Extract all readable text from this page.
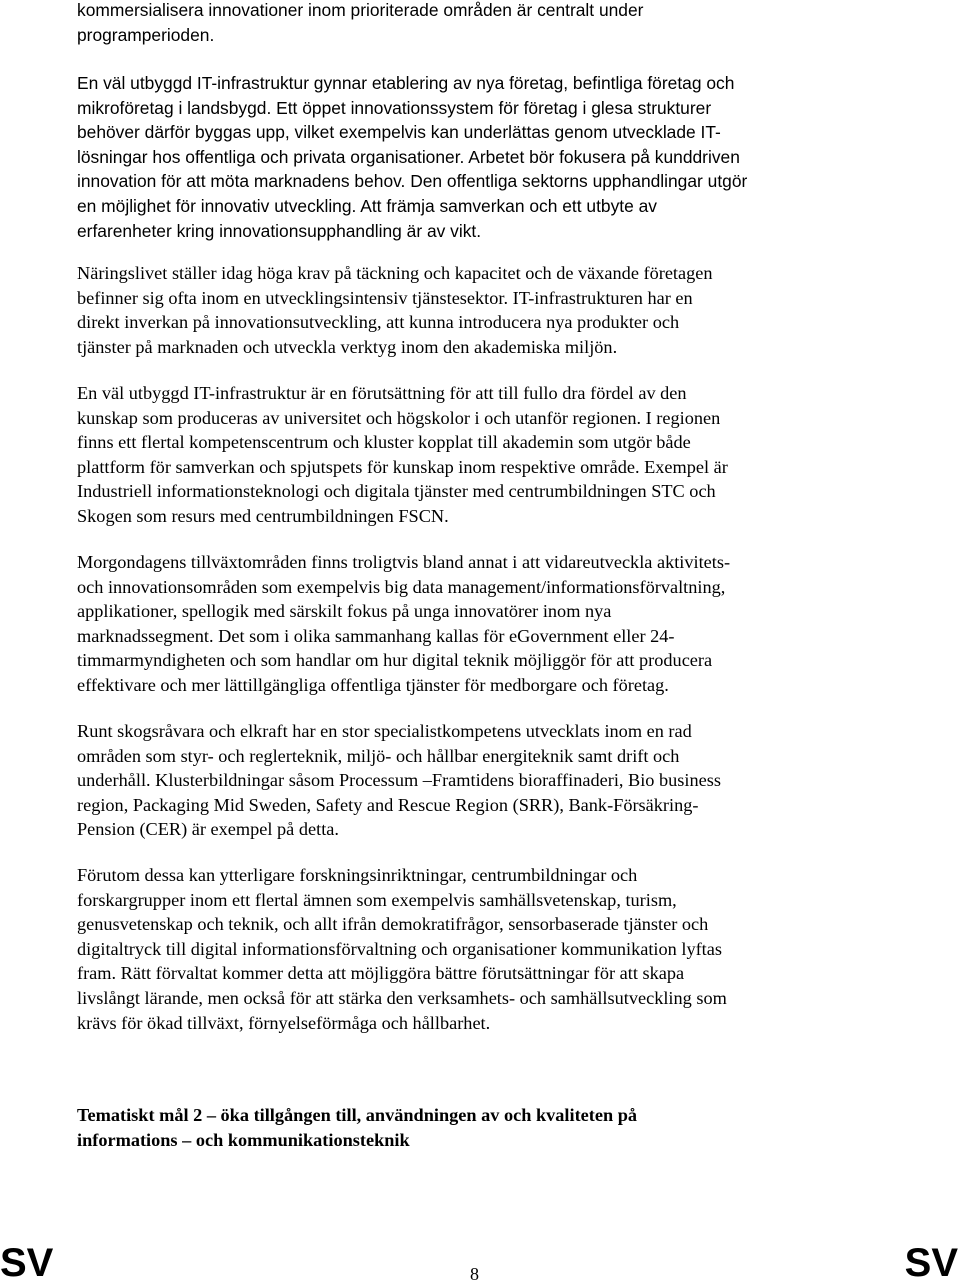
kommersialisera innovationer inom prioriterade områden är centralt under
programperioden.

En väl utbyggd IT-infrastruktur gynnar etablering av nya företag, befintliga företag och
mikroföretag i landsbygd. Ett öppet innovationssystem för företag i glesa strukturer
behöver därför byggas upp, vilket exempelvis kan underlättas genom utvecklade IT-
lösningar hos offentliga och privata organisationer. Arbetet bör fokusera på kunddriven
innovation för att möta marknadens behov. Den offentliga sektorns upphandlingar utgör
en möjlighet för innovativ utveckling. Att främja samverkan och ett utbyte av
erfarenheter kring innovationsupphandling är av vikt.

Näringslivet ställer idag höga krav på täckning och kapacitet och de växande företagen
befinner sig ofta inom en utvecklingsintensiv tjänstesektor. IT-infrastrukturen har en
direkt inverkan på innovationsutveckling, att kunna introducera nya produkter och
tjänster på marknaden och utveckla verktyg inom den akademiska miljön.

En väl utbyggd IT-infrastruktur är en förutsättning för att till fullo dra fördel av den
kunskap som produceras av universitet och högskolor i och utanför regionen. I regionen
finns ett flertal kompetenscentrum och kluster kopplat till akademin som utgör både
plattform för samverkan och spjutspets för kunskap inom respektive område. Exempel är
Industriell informationsteknologi och digitala tjänster med centrumbildningen STC och
Skogen som resurs med centrumbildningen FSCN.

Morgondagens tillväxtområden finns troligtvis bland annat i att vidareutveckla aktivitets-
och innovationsområden som exempelvis big data management/informationsförvaltning,
applikationer, spellogik med särskilt fokus på unga innovatörer inom nya
marknadssegment. Det som i olika sammanhang kallas för eGovernment eller 24-
timmarmyndigheten och som handlar om hur digital teknik möjliggör för att producera
effektivare och mer lättillgängliga offentliga tjänster för medborgare och företag.

Runt skogsråvara och elkraft har en stor specialistkompetens utvecklats inom en rad
områden som styr- och reglerteknik, miljö- och hållbar energiteknik samt drift och
underhåll. Klusterbildningar såsom Processum –Framtidens bioraffinaderi, Bio business
region, Packaging Mid Sweden, Safety and Rescue Region (SRR), Bank-Försäkring-
Pension (CER) är exempel på detta.

Förutom dessa kan ytterligare forskningsinriktningar, centrumbildningar och
forskargrupper inom ett flertal ämnen som exempelvis samhällsvetenskap, turism,
genusvetenskap och teknik, och allt ifrån demokratifrågor, sensorbaserade tjänster och
digitaltryck till digital informationsförvaltning och organisationer kommunikation lyftas
fram. Rätt förvaltat kommer detta att möjliggöra bättre förutsättningar för att skapa
livslångt lärande, men också för att stärka den verksamhets- och samhällsutveckling som
krävs för ökad tillväxt, förnyelseförmåga och hållbarhet.

Tematiskt mål 2 – öka tillgången till, användningen av och kvaliteten på
informations – och kommunikationsteknik
SV	8	SV
